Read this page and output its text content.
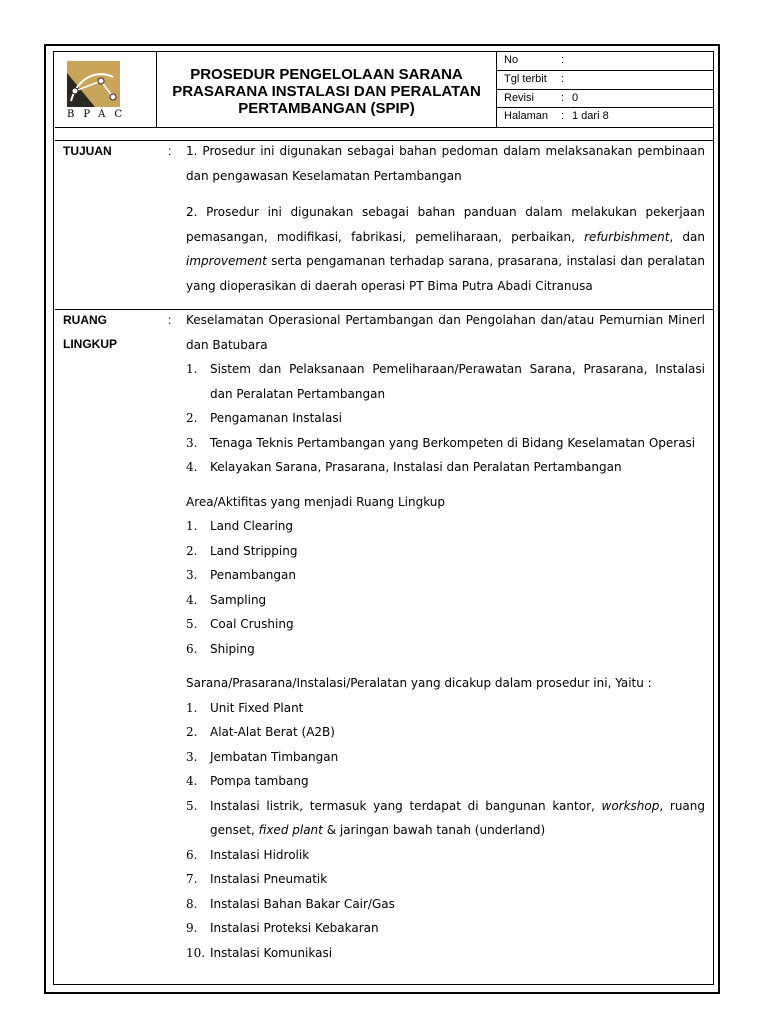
BPAC
PROSEDUR PENGELOLAAN SARANA
PRASARANA INSTALASI DAN PERALATAN
PERTAMBANGAN (SPIP)
No	:
Tgl terbit :
Revisi : 0
Halaman : 1 dari 8
TUJUAN	: 1. Prosedur ini digunakan sebagai bahan pedoman dalam melaksanakan pembinaan dan pengawasan Keselamatan Pertambangan

2. Prosedur ini digunakan sebagai bahan panduan dalam melakukan pekerjaan pemasangan, modifikasi, fabrikasi, pemeliharaan, perbaikan, refurbishment, dan improvement serta pengamanan terhadap sarana, prasarana, instalasi dan peralatan yang dioperasikan di daerah operasi PT Bima Putra Abadi Citranusa

RUANG
LINGKUP
: Keselamatan Operasional Pertambangan dan Pengolahan dan/atau Pemurnian Minerl dan Batubara

1. Sistem dan Pelaksanaan Pemeliharaan/Perawatan Sarana, Prasarana, Instalasi dan Peralatan Pertambangan
2. Pengamanan Instalasi
3. Tenaga Teknis Pertambangan yang Berkompeten di Bidang Keselamatan Operasi
4. Kelayakan Sarana, Prasarana, Instalasi dan Peralatan Pertambangan

Area/Aktifitas yang menjadi Ruang Lingkup

1. Land Clearing
2. Land Stripping
3. Penambangan
4. Sampling
5. Coal Crushing
6. Shiping

Sarana/Prasarana/Instalasi/Peralatan yang dicakup dalam prosedur ini, Yaitu :

1. Unit Fixed Plant
2. Alat-Alat Berat (A2B)
3. Jembatan Timbangan
4. Pompa tambang
5. Instalasi listrik, termasuk yang terdapat di bangunan kantor, workshop, ruang genset, fixed plant & jaringan bawah tanah (underland)
6. Instalasi Hidrolik
7. Instalasi Pneumatik
8. Instalasi Bahan Bakar Cair/Gas
9. Instalasi Proteksi Kebakaran
10. Instalasi Komunikasi
